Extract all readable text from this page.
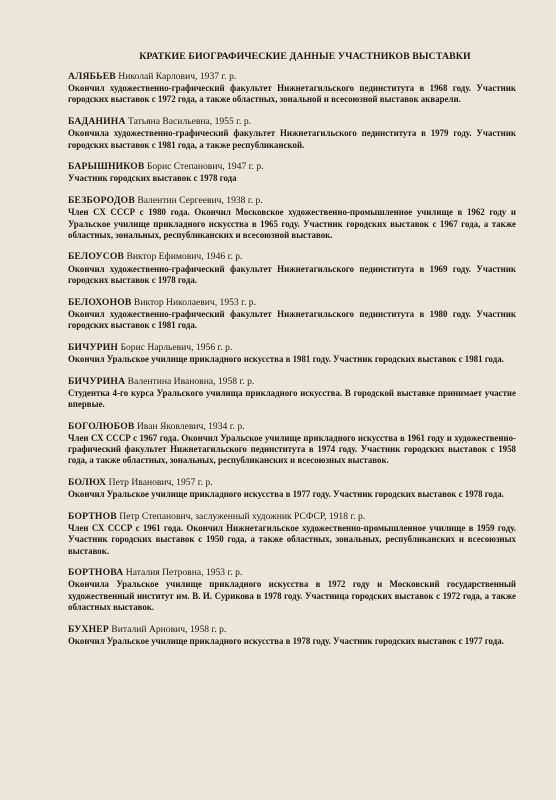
КРАТКИЕ БИОГРАФИЧЕСКИЕ ДАННЫЕ УЧАСТНИКОВ ВЫСТАВКИ
АЛЯБЬЕВ Николай Карлович, 1937 г. р.
Окончил художественно-графический факультет Нижнетагильского пединститута в 1968 году. Участник городских выставок с 1972 года, а также областных, зональной и всесоюзной выставок акварели.
БАДАНИНА Татьяна Васильевна, 1955 г. р.
Окончила художественно-графический факультет Нижнетагильского пединститута в 1979 году. Участник городских выставок с 1981 года, а также республиканской.
БАРЫШНИКОВ Борис Степанович, 1947 г. р.
Участник городских выставок с 1978 года
БЕЗБОРОДОВ Валентин Сергеевич, 1938 г. р.
Член СХ СССР с 1980 года. Окончил Московское художественно-промышленное училище в 1962 году и Уральское училище прикладного искусства в 1965 году. Участник городских выставок с 1967 года, а также областных, зональных, республиканских и всесоюзной выставок.
БЕЛОУСОВ Виктор Ефимович, 1946 г. р.
Окончил художественно-графический факультет Нижнетагильского пединститута в 1969 году. Участник городских выставок с 1978 года.
БЕЛОХОНОВ Виктор Николаевич, 1953 г. р.
Окончил художественно-графический факультет Нижнетагильского пединститута в 1980 году. Участник городских выставок с 1981 года.
БИЧУРИН Борис Нарльевич, 1956 г. р.
Окончил Уральское училище прикладного искусства в 1981 году. Участник городских выставок с 1981 года.
БИЧУРИНА Валентина Ивановна, 1958 г. р.
Студентка 4-го курса Уральского училища прикладного искусства. В городской выставке принимает участие впервые.
БОГОЛЮБОВ Иван Яковлевич, 1934 г. р.
Член СХ СССР с 1967 года. Окончил Уральское училище прикладного искусства в 1961 году и художественно-графический факультет Нижнетагильского пединститута в 1974 году. Участник городских выставок с 1958 года, а также областных, зональных, республиканских и всесоюзных выставок.
БОЛЮХ Петр Иванович, 1957 г. р.
Окончил Уральское училище прикладного искусства в 1977 году. Участник городских выставок с 1978 года.
БОРТНОВ Петр Степанович, заслуженный художник РСФСР, 1918 г. р.
Член СХ СССР с 1961 года. Окончил Нижнетагильское художественно-промышленное училище в 1959 году. Участник городских выставок с 1950 года, а также областных, зональных, республиканских и всесоюзных выставок.
БОРТНОВА Наталия Петровна, 1953 г. р.
Окончила Уральское училище прикладного искусства в 1972 году и Московский государственный художественный институт им. В. И. Сурикова в 1978 году. Участница городских выставок с 1972 года, а также областных выставок.
БУХНЕР Виталий Арнович, 1958 г. р.
Окончил Уральское училище прикладного искусства в 1978 году. Участник городских выставок с 1977 года.
